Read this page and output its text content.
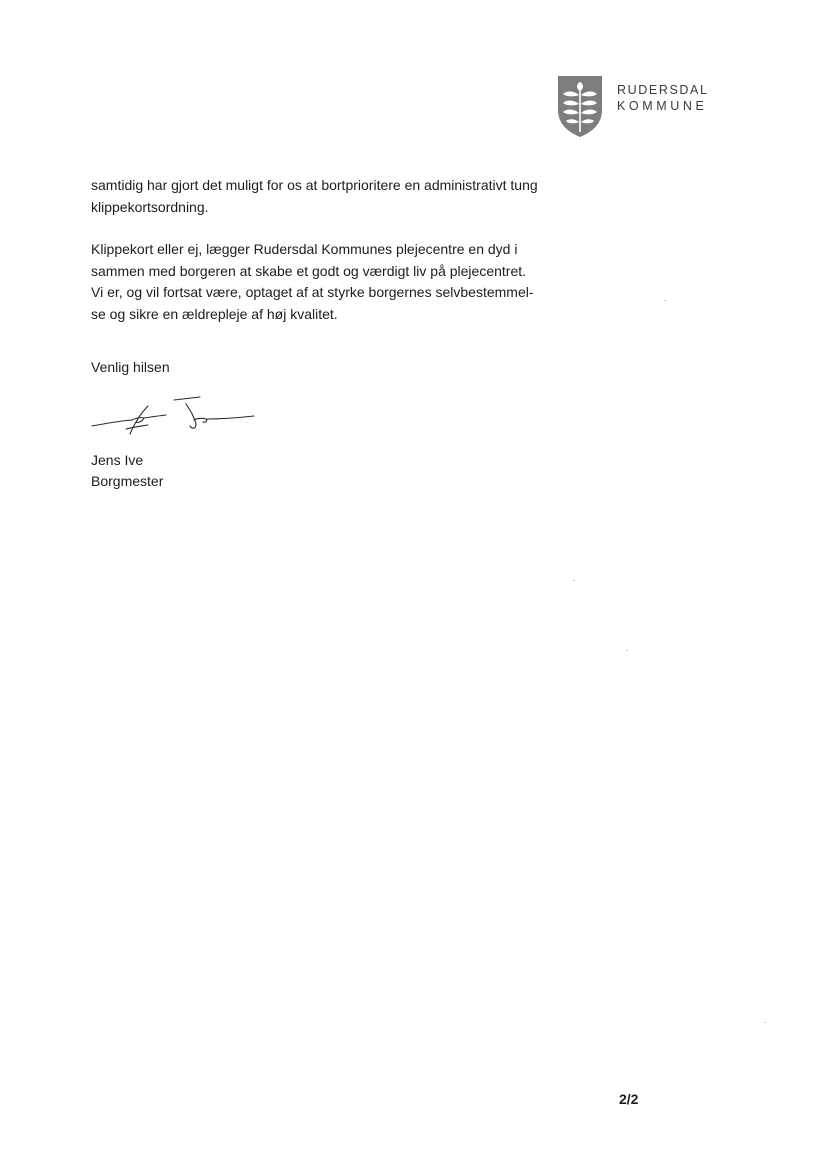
RUDERSDAL
KOMMUNE

samtidig har gjort det muligt for os at bortprioritere en administrativt tung
klippekortsordning.

Klippekort eller ej, lægger Rudersdal Kommunes plejecentre en dyd i
sammen med borgeren at skabe et godt og værdigt liv på plejecentret.
Vi er, og vil fortsat være, optaget af at styrke borgernes selvbestemmel-
se og sikre en ældrepleje af høj kvalitet.

Venlig hilsen
Jens Ive
Borgmester
2/2
